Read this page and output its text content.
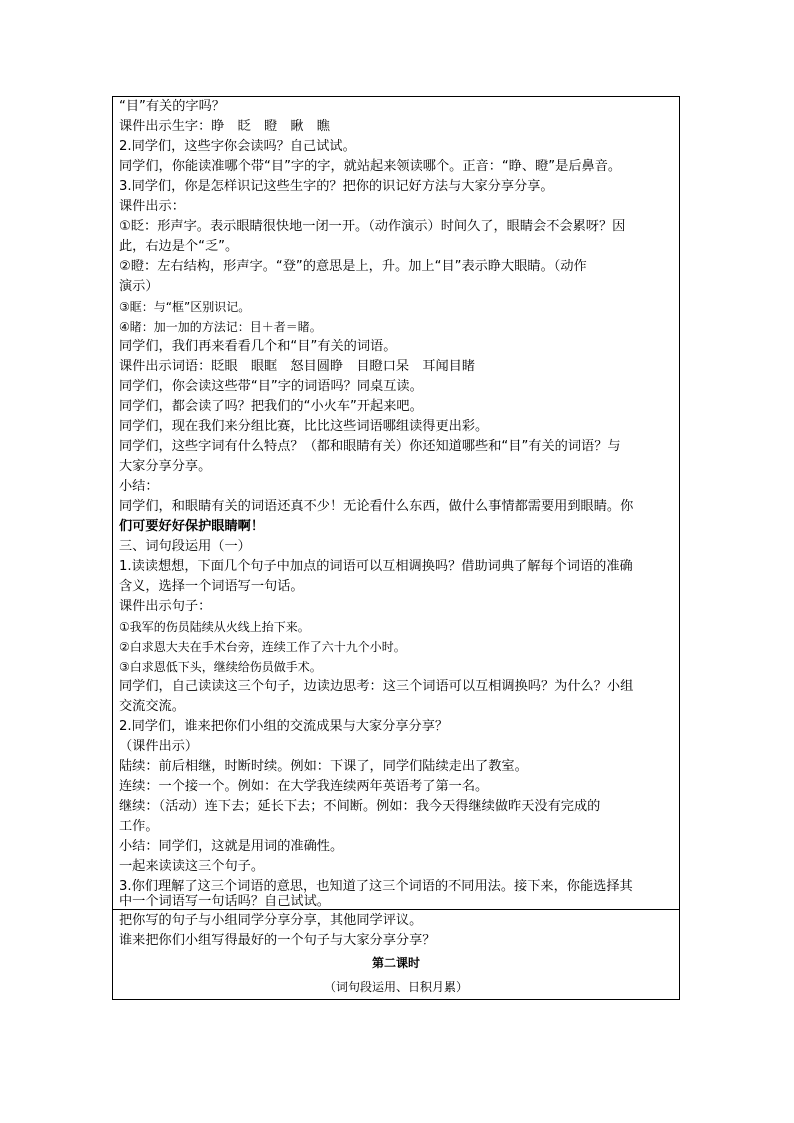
“目”有关的字吗？
课件出示生字：睁　眨　瞪　瞅　瞧
2.同学们，这些字你会读吗？自己试试。
同学们，你能读准哪个带“目”字的字，就站起来领读哪个。正音：“睁、瞪”是后鼻音。
3.同学们，你是怎样识记这些生字的？把你的识记好方法与大家分享分享。
课件出示：
①眨：形声字。表示眼睛很快地一闭一开。（动作演示）时间久了，眼睛会不会累呀？因
此，右边是个“乏”。
②瞪：左右结构，形声字。“登”的意思是上，升。加上“目”表示睁大眼睛。（动作
演示）
③眶：与“框”区别识记。
④睹：加一加的方法记：目＋者＝睹。
同学们，我们再来看看几个和“目”有关的词语。
课件出示词语：眨眼　眼眶　怒目圆睁　目瞪口呆　耳闻目睹
同学们，你会读这些带“目”字的词语吗？同桌互读。
同学们，都会读了吗？把我们的“小火车”开起来吧。
同学们，现在我们来分组比赛，比比这些词语哪组读得更出彩。
同学们，这些字词有什么特点？（都和眼睛有关）你还知道哪些和“目”有关的词语？与
大家分享分享。
小结：
同学们，和眼睛有关的词语还真不少！无论看什么东西，做什么事情都需要用到眼睛。你
们可要好好保护眼睛啊！
三、词句段运用（一）
1.读读想想，下面几个句子中加点的词语可以互相调换吗？借助词典了解每个词语的准确
含义，选择一个词语写一句话。
课件出示句子：
①我军的伤员陆续从火线上抬下来。
②白求恩大夫在手术台旁，连续工作了六十九个小时。
③白求恩低下头，继续给伤员做手术。
同学们，自己读读这三个句子，边读边思考：这三个词语可以互相调换吗？为什么？小组
交流交流。
2.同学们，谁来把你们小组的交流成果与大家分享分享？
（课件出示）
陆续：前后相继，时断时续。例如：下课了，同学们陆续走出了教室。
连续：一个接一个。例如：在大学我连续两年英语考了第一名。
继续：（活动）连下去；延长下去；不间断。例如：我今天得继续做昨天没有完成的
工作。
小结：同学们，这就是用词的准确性。
一起来读读这三个句子。
3.你们理解了这三个词语的意思，也知道了这三个词语的不同用法。接下来，你能选择其
中一个词语写一句话吗？自己试试。
把你写的句子与小组同学分享分享，其他同学评议。
谁来把你们小组写得最好的一个句子与大家分享分享？
第二课时
（词句段运用、日积月累）
